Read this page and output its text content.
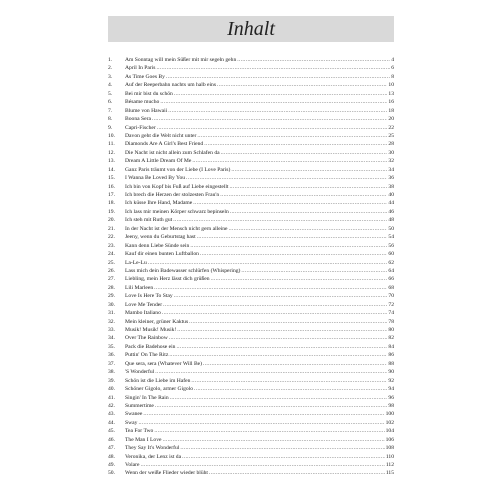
Inhalt
1.	Am Sonntag will mein Süßer mit mir segeln gehn .....	4
2.	April In Paris .....	6
3.	As Time Goes By .....	8
4.	Auf der Reeperbahn nachts um halb eins .....	10
5.	Bei mir bist du schön .....	13
6.	Bésame mucho .....	16
7.	Blume von Hawaii .....	18
8.	Boona Sera .....	20
9.	Capri-Fischer .....	22
10.	Davon geht die Welt nicht unter .....	25
11.	Diamonds Are A Girl's Best Friend .....	28
12.	Die Nacht ist nicht allein zum Schlafen da .....	30
13.	Dream A Little Dream Of Me .....	32
14.	Ganz Paris träumt von der Liebe (I Love Paris) .....	34
15.	I Wanna Be Loved By You .....	36
16.	Ich bin von Kopf bis Fuß auf Liebe eingestellt .....	38
17.	Ich brech die Herzen der stolzesten Frau'n .....	40
18.	Ich küsse Ihre Hand, Madame .....	44
19.	Ich lass mir meinen Körper schwarz bepinseln .....	46
20.	Ich steh mit Ruth gut .....	48
21.	In der Nacht ist der Mensch nicht gern alleine .....	50
22.	Jeeny, wenn du Geburtstag hast .....	54
23.	Kann denn Liebe Sünde sein .....	56
24.	Kauf dir einen bunten Luftballon .....	60
25.	La-Le-Lu .....	62
26.	Lass mich dein Badewasser schlürfen (Whispering) .....	64
27.	Liebling, mein Herz lässt dich grüßen .....	66
28.	Lili Marleen .....	68
29.	Love Is Here To Stay .....	70
30.	Love Me Tender .....	72
31.	Mambo Italiano .....	74
32.	Mein kleiner, grüner Kaktus .....	78
33.	Musik! Musik! Musik! .....	80
34.	Over The Rainbow .....	82
35.	Pack die Badehose ein .....	84
36.	Puttin' On The Ritz .....	86
37.	Que sera, sera (Whatever Will Be) .....	88
38.	'S Wonderful .....	90
39.	Schön ist die Liebe im Hafen .....	92
40.	Schöner Gigolo, armer Gigolo .....	94
41.	Singin' In The Rain .....	96
42.	Summertime .....	98
43.	Swanee .....	100
44.	Sway .....	102
45.	Tea For Two .....	104
46.	The Man I Love .....	106
47.	They Say It's Wonderful .....	108
48.	Veronika, der Lenz ist da .....	110
49.	Volare .....	112
50.	Wenn der weiße Flieder wieder blüht .....	115
